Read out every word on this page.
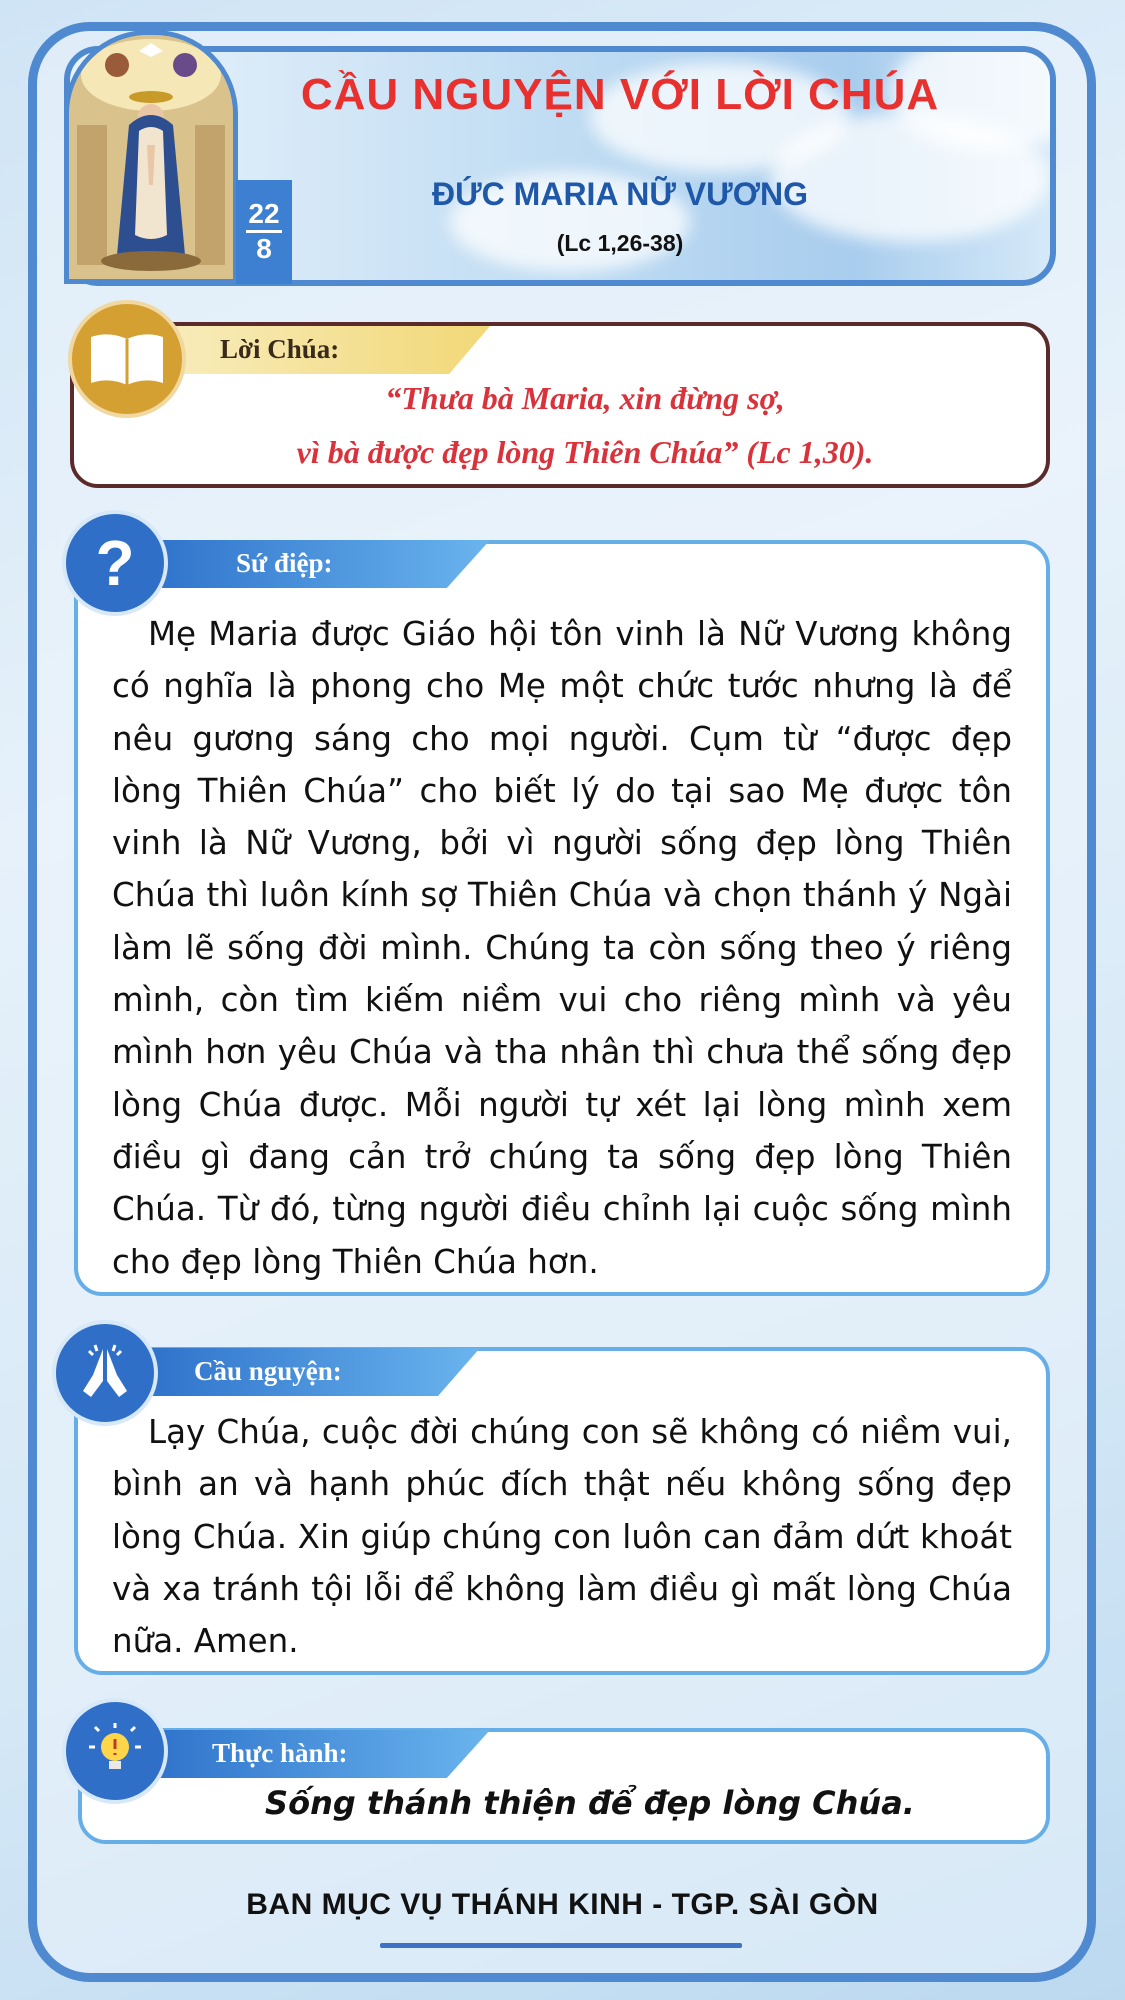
22
8
CẦU NGUYỆN VỚI LỜI CHÚA
ĐỨC MARIA NỮ VƯƠNG
(Lc 1,26-38)
Lời Chúa:
“Thưa bà Maria, xin đừng sợ,
vì bà được đẹp lòng Thiên Chúa” (Lc 1,30).
Sứ điệp:
?
Mẹ Maria được Giáo hội tôn vinh là Nữ Vương không có nghĩa là phong cho Mẹ một chức tước nhưng là để nêu gương sáng cho mọi người. Cụm từ “được đẹp lòng Thiên Chúa” cho biết lý do tại sao Mẹ được tôn vinh là Nữ Vương, bởi vì người sống đẹp lòng Thiên Chúa thì luôn kính sợ Thiên Chúa và chọn thánh ý Ngài làm lẽ sống đời mình. Chúng ta còn sống theo ý riêng mình, còn tìm kiếm niềm vui cho riêng mình và yêu mình hơn yêu Chúa và tha nhân thì chưa thể sống đẹp lòng Chúa được. Mỗi người tự xét lại lòng mình xem điều gì đang cản trở chúng ta sống đẹp lòng Thiên Chúa. Từ đó, từng người điều chỉnh lại cuộc sống mình cho đẹp lòng Thiên Chúa hơn.
Cầu nguyện:
Lạy Chúa, cuộc đời chúng con sẽ không có niềm vui, bình an và hạnh phúc đích thật nếu không sống đẹp lòng Chúa. Xin giúp chúng con luôn can đảm dứt khoát và xa tránh tội lỗi để không làm điều gì mất lòng Chúa nữa. Amen.
Thực hành:
Sống thánh thiện để đẹp lòng Chúa.
BAN MỤC VỤ THÁNH KINH - TGP. SÀI GÒN
